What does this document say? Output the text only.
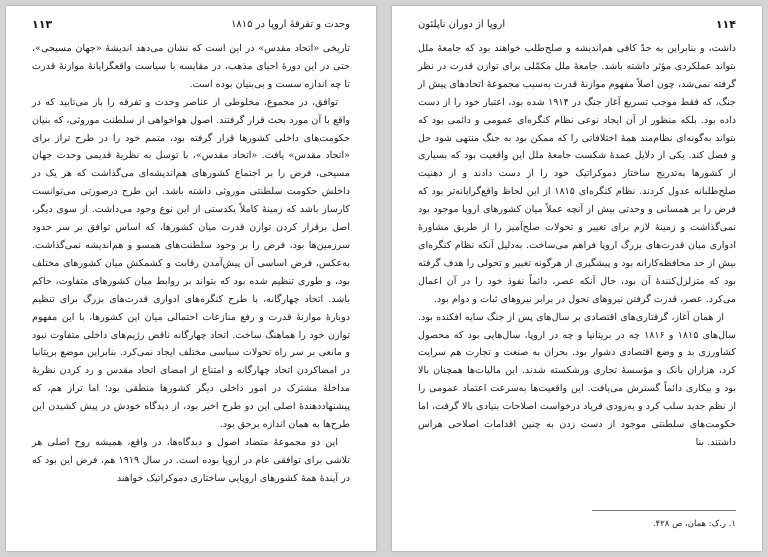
۱۱۳	وحدت و تفرقهٔ اروپا در ۱۸۱۵

تاریخی «اتحاد مقدس» در این است که نشان می‌دهد اندیشهٔ «جهان مسیحی»، حتی در این دورهٔ احیای مذهب، در مقایسه با سیاست واقعگرایانهٔ موازنهٔ قدرت تا چه اندازه سست و بی‌بنیان بوده است.

توافق، در مجموع، مخلوطی از عناصر وحدت و تفرقه را باز می‌تابید که در واقع با آن مورد بحث قرار گرفتند. اصول هواخواهی از سلطنت موروثی، که بنیان حکومت‌های داخلی کشورها قرار گرفته بود، متمم خود را در طرح تراز برای «اتحاد مقدس» یافت. «اتحاد مقدس»، با توسل به نظریهٔ قدیمی وحدت جهان مسیحی، فرض را بر اجتماع کشورهای هم‌اندیشه‌ای می‌گذاشت که هر یک در داخلش حکومت سلطنتی موروثی داشته باشد. این طرح درصورتی می‌توانست کارساز باشد که زمینهٔ کاملاً یکدستی از این نوع وجود می‌داشت. از سوی دیگر، اصل برقرار کردن توازن قدرت میان کشورها، که اساس توافق بر سر حدود سرزمین‌ها بود، فرض را بر وجود سلطنت‌های همسو و هم‌اندیشه نمی‌گذاشت. به‌عکس، فرض اساسی آن پیش‌آمدن رقابت و کشمکش میان کشورهای مختلف بود، و طوری تنظیم شده بود که بتواند بر روابط میان کشورهای متفاوت، حاکم باشد. اتحاد چهارگانه، با طرح کنگره‌های ادواری قدرت‌های بزرگ برای تنظیم دوبارهٔ موازنهٔ قدرت و رفع منازعات احتمالی میان این کشورها، با این مفهوم توازن خود را هماهنگ ساخت. اتحاد چهارگانه ناقض رژیم‌های داخلی متفاوت نبود و مانعی بر سر راه تحولات سیاسی مختلف ایجاد نمی‌کرد. بنابراین موضع بریتانیا در امضاکردن اتحاد چهارگانه و امتناع از امضای اتحاد مقدس و رد کردن نظریهٔ مداخلهٔ مشترک در امور داخلی دیگر کشورها منطقی بود؛ اما تراز هم، که پیشنهاددهندهٔ اصلی این دو طرح اخیر بود، از دیدگاه خودش در پیش کشیدن این طرح‌ها به همان اندازه برحق بود.

این دو مجموعهٔ متضاد اصول و دیدگاه‌ها، در واقع، همیشه روح اصلی هر تلاشی برای توافقی عام در اروپا بوده است. در سال ۱۹۱۹ هم، فرض این بود که در آیندهٔ همهٔ کشورهای اروپایی ساختاری دموکراتیک خواهند

۱۱۴
اروپا از دوران ناپلئون

داشت، و بنابراین به حدّ کافی هم‌اندیشه و صلح‌طلب خواهند بود که جامعهٔ ملل بتواند عملکردی مؤثر داشته باشد. جامعهٔ ملل مکمّلی برای توازن قدرت در نظر گرفته نمی‌شد، چون اصلاً مفهوم موازنهٔ قدرت به‌سبب مجموعهٔ اتحادهای پیش از جنگ، که فقط موجب تسریع آغاز جنگ در ۱۹۱۴ شده بود، اعتبار خود را از دست داده بود. بلکه منظور از آن ایجاد نوعی نظام کنگره‌ای عمومی و دائمی بود که بتواند به‌گونه‌ای نظام‌مند همهٔ اختلافاتی را که ممکن بود به جنگ منتهی شود حل و فصل کند. یکی از دلایل عمدهٔ شکست جامعهٔ ملل این واقعیت بود که بسیاری از کشورها به‌تدریج ساختار دموکراتیک خود را از دست دادند و از ذهنیت صلح‌طلبانه عدول کردند. نظام کنگره‌ای ۱۸۱۵ از این لحاظ واقع‌گرایانه‌تر بود که فرض را بر همسانی و وحدتی بیش از آنچه عملاً میان کشورهای اروپا موجود بود نمی‌گذاشت و زمینهٔ لازم برای تغییر و تحولات صلح‌آمیز را از طریق مشاورهٔ ادواری میان قدرت‌های بزرگ اروپا فراهم می‌ساخت. به‌دلیل آنکه نظام کنگره‌ای بیش از حد محافظه‌کارانه بود و پیشگیری از هرگونه تغییر و تحولی را هدف گرفته بود که متزلزل‌کنندهٔ آن بود، حال آنکه عصر، دائماً نفوذ خود را در آن اعمال می‌کرد. عصر، قدرت گرفتن نیروهای تحول در برابر نیروهای ثبات و دوام بود.

از همان آغاز، گرفتاری‌های اقتصادی بر سال‌های پس از جنگ سایه افکنده بود. سال‌های ۱۸۱۵ و ۱۸۱۶ چه در بریتانیا و چه در اروپا، سال‌هایی بود که محصول کشاورزی بد و وضع اقتصادی دشوار بود. بحران به صنعت و تجارت هم سرایت کرد، هزاران بانک و مؤسسهٔ تجاری ورشکسته شدند. این مالیات‌ها همچنان بالا بود و بیکاری دائماً گسترش می‌یافت. این واقعیت‌ها به‌سرعت اعتماد عمومی را از نظم جدید سلب کرد و به‌زودی فریاد درخواست اصلاحات بنیادی بالا گرفت، اما حکومت‌های سلطنتی موجود از دست زدن به چنین اقدامات اصلاحی هراس داشتند. بنا

۱. ر.ک: همان، ص ۴۲۸.
